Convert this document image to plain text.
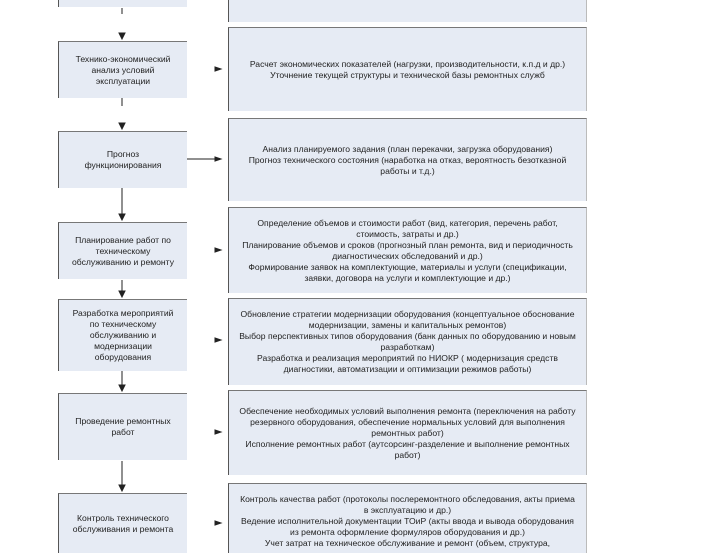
Технико-экономический
анализ условий
эксплуатации
Расчет экономических показателей (нагрузки, производительности, к.п.д и др.)
Уточнение текущей структуры и технической базы ремонтных служб
Прогноз
функционирования
Анализ планируемого задания (план перекачки, загрузка оборудования)
Прогноз технического состояния (наработка на отказ, вероятность безотказной работы и т.д.)
Планирование работ по
техническому
обслуживанию и ремонту
Определение объемов и стоимости работ (вид, категория, перечень работ, стоимость, затраты и др.)
Планирование объемов и сроков (прогнозный план ремонта, вид и периодичность диагностических обследований и др.)
Формирование заявок на комплектующие, материалы и услуги (спецификации, заявки, договора на услуги и комплектующие и др.)
Разработка мероприятий
по техническому
обслуживанию и
модернизации
оборудования
Обновление стратегии модернизации оборудования (концептуальное обоснование модернизации, замены и капитальных ремонтов)
Выбор перспективных типов оборудования (банк данных по оборудованию и новым разработкам)
Разработка и реализация мероприятий по НИОКР ( модернизация средств диагностики, автоматизации и оптимизации режимов работы)
Проведение ремонтных
работ
Обеспечение необходимых условий выполнения ремонта (переключения на работу резервного оборудования, обеспечение нормальных условий для выполнения ремонтных работ)
Исполнение ремонтных работ (аутсорсинг-разделение и выполнение ремонтных работ)
Контроль технического
обслуживания и ремонта
Контроль качества работ (протоколы послеремонтного обследования, акты приема в эксплуатацию и др.)
Ведение исполнительной документации ТОиР (акты ввода и вывода оборудования из ремонта оформление формуляров оборудования и др.)
Учет затрат на техническое обслуживание и ремонт (объем, структура,
